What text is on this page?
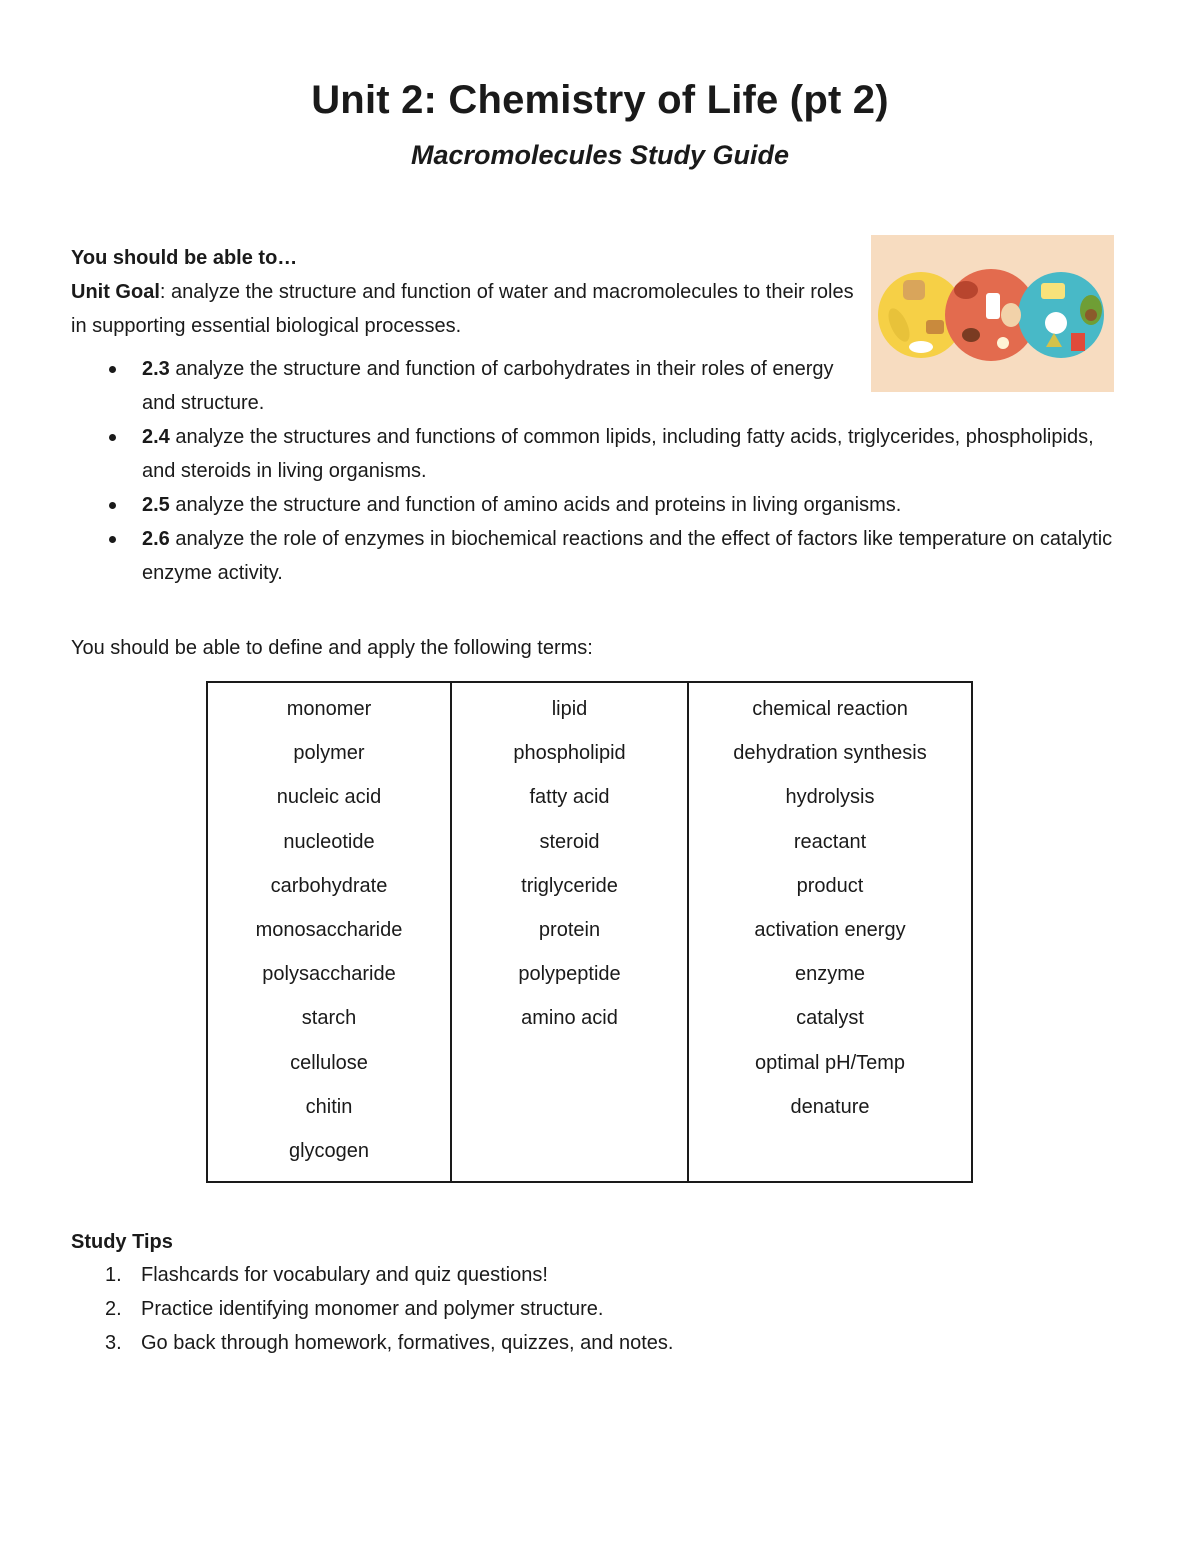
Unit 2: Chemistry of Life (pt 2)
Macromolecules Study Guide

You should be able to…

Unit Goal: analyze the structure and function of water and macromolecules to their roles in supporting essential biological processes.

2.3 analyze the structure and function of carbohydrates in their roles of energy and structure.
2.4 analyze the structures and functions of common lipids, including fatty acids, triglycerides, phospholipids, and steroids in living organisms.
2.5 analyze the structure and function of amino acids and proteins in living organisms.
2.6 analyze the role of enzymes in biochemical reactions and the effect of factors like temperature on catalytic enzyme activity.

You should be able to define and apply the following terms:

monomer
polymer
nucleic acid
nucleotide
carbohydrate
monosaccharide
polysaccharide
starch
cellulose
chitin
glycogen

lipid
phospholipid
fatty acid
steroid
triglyceride
protein
polypeptide
amino acid

chemical reaction
dehydration synthesis
hydrolysis
reactant
product
activation energy
enzyme
catalyst
optimal pH/Temp
denature

Study Tips

1. Flashcards for vocabulary and quiz questions!
2. Practice identifying monomer and polymer structure.
3. Go back through homework, formatives, quizzes, and notes.
